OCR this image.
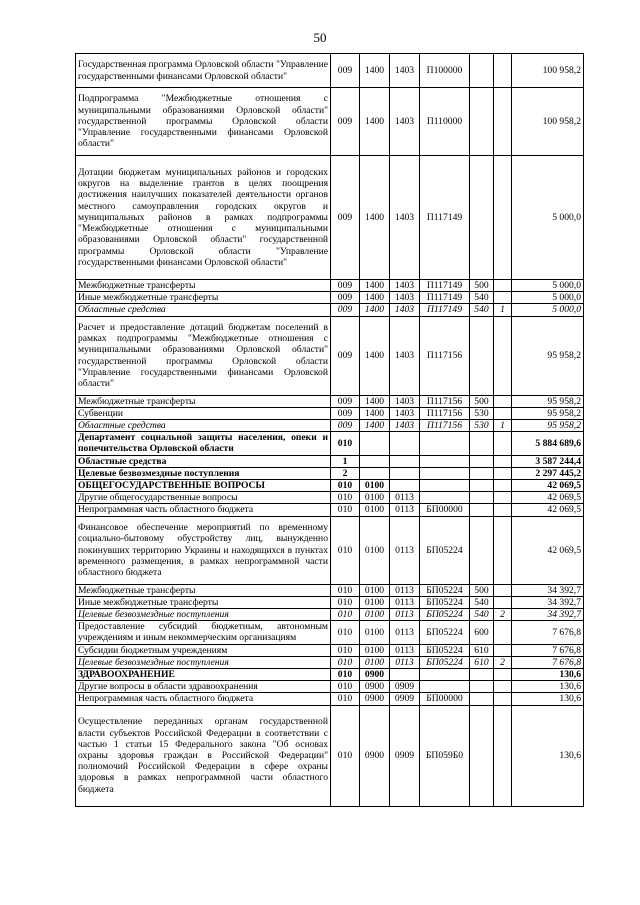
50
Государственная программа Орловской области "Управление государственными финансами Орловской области"	009	1400	1403	П100000			100 958,2
Подпрограмма "Межбюджетные отношения с муниципальными образованиями Орловской области" государственной программы Орловской области "Управление государственными финансами Орловской области"	009	1400	1403	П110000			100 958,2
Дотации бюджетам муниципальных районов и городских округов на выделение грантов в целях поощрения достижения наилучших показателей деятельности органов местного самоуправления городских округов и муниципальных районов в рамках подпрограммы "Межбюджетные отношения с муниципальными образованиями Орловской области" государственной программы Орловской области "Управление государственными финансами Орловской области"	009	1400	1403	П117149			5 000,0
Межбюджетные трансферты	009	1400	1403	П117149	500		5 000,0
Иные межбюджетные трансферты	009	1400	1403	П117149	540		5 000,0
Областные средства	009	1400	1403	П117149	540	1	5 000,0
Расчет и предоставление дотаций бюджетам поселений в рамках подпрограммы "Межбюджетные отношения с муниципальными образованиями Орловской области" государственной программы Орловской области "Управление государственными финансами Орловской области"	009	1400	1403	П117156			95 958,2
Межбюджетные трансферты	009	1400	1403	П117156	500		95 958,2
Субвенции	009	1400	1403	П117156	530		95 958,2
Областные средства	009	1400	1403	П117156	530	1	95 958,2
Департамент социальной защиты населения, опеки и попечительства Орловской области	010						5 884 689,6
Областные средства	1						3 587 244,4
Целевые безвозмездные поступления	2						2 297 445,2
ОБЩЕГОСУДАРСТВЕННЫЕ ВОПРОСЫ	010	0100					42 069,5
Другие общегосударственные вопросы	010	0100	0113				42 069,5
Непрограммная часть областного бюджета	010	0100	0113	БП00000			42 069,5
Финансовое обеспечение мероприятий по временному социально-бытовому обустройству лиц, вынужденно покинувших территорию Украины и находящихся в пунктах временного размещения, в рамках непрограммной части областного бюджета	010	0100	0113	БП05224			42 069,5
Межбюджетные трансферты	010	0100	0113	БП05224	500		34 392,7
Иные межбюджетные трансферты	010	0100	0113	БП05224	540		34 392,7
Целевые безвозмездные поступления	010	0100	0113	БП05224	540	2	34 392,7
Предоставление субсидий бюджетным, автономным учреждениям и иным некоммерческим организациям	010	0100	0113	БП05224	600		7 676,8
Субсидии бюджетным учреждениям	010	0100	0113	БП05224	610		7 676,8
Целевые безвозмездные поступления	010	0100	0113	БП05224	610	2	7 676,8
ЗДРАВООХРАНЕНИЕ	010	0900					130,6
Другие вопросы в области здравоохранения	010	0900	0909				130,6
Непрограммная часть областного бюджета	010	0900	0909	БП00000			130,6
Осуществление переданных органам государственной власти субъектов Российской Федерации в соответствии с частью 1 статьи 15 Федерального закона "Об основах охраны здоровья граждан в Российской Федерации" полномочий Российской Федерации в сфере охраны здоровья в рамках непрограммной части областного бюджета	010	0900	0909	БП059Б0			130,6
